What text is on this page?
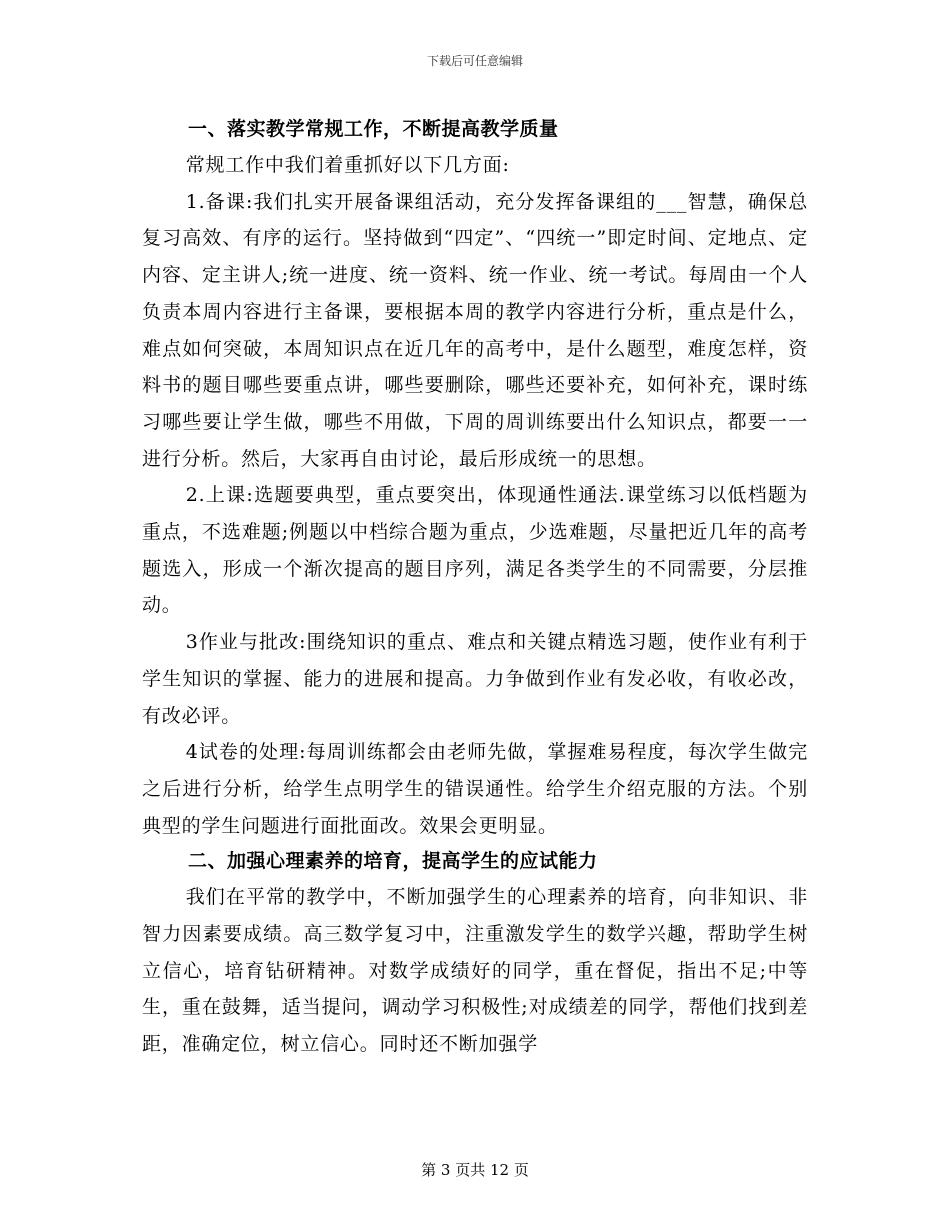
下载后可任意编辑
一、落实教学常规工作，不断提高教学质量

常规工作中我们着重抓好以下几方面:

1.备课:我们扎实开展备课组活动，充分发挥备课组的___智慧，确保总复习高效、有序的运行。坚持做到“四定”、“四统一”即定时间、定地点、定内容、定主讲人;统一进度、统一资料、统一作业、统一考试。每周由一个人负责本周内容进行主备课，要根据本周的教学内容进行分析，重点是什么，难点如何突破，本周知识点在近几年的高考中，是什么题型，难度怎样，资料书的题目哪些要重点讲，哪些要删除，哪些还要补充，如何补充，课时练习哪些要让学生做，哪些不用做，下周的周训练要出什么知识点，都要一一进行分析。然后，大家再自由讨论，最后形成统一的思想。

2.上课:选题要典型，重点要突出，体现通性通法.课堂练习以低档题为重点，不选难题;例题以中档综合题为重点，少选难题，尽量把近几年的高考题选入，形成一个渐次提高的题目序列，满足各类学生的不同需要，分层推动。

3作业与批改:围绕知识的重点、难点和关键点精选习题，使作业有利于学生知识的掌握、能力的进展和提高。力争做到作业有发必收，有收必改，有改必评。

4试卷的处理:每周训练都会由老师先做，掌握难易程度，每次学生做完之后进行分析，给学生点明学生的错误通性。给学生介绍克服的方法。个别典型的学生问题进行面批面改。效果会更明显。

二、加强心理素养的培育，提高学生的应试能力

我们在平常的教学中，不断加强学生的心理素养的培育，向非知识、非智力因素要成绩。高三数学复习中，注重激发学生的数学兴趣，帮助学生树立信心，培育钻研精神。对数学成绩好的同学，重在督促，指出不足;中等生，重在鼓舞，适当提问，调动学习积极性;对成绩差的同学，帮他们找到差距，准确定位，树立信心。同时还不断加强学

第 3 页共 12 页
